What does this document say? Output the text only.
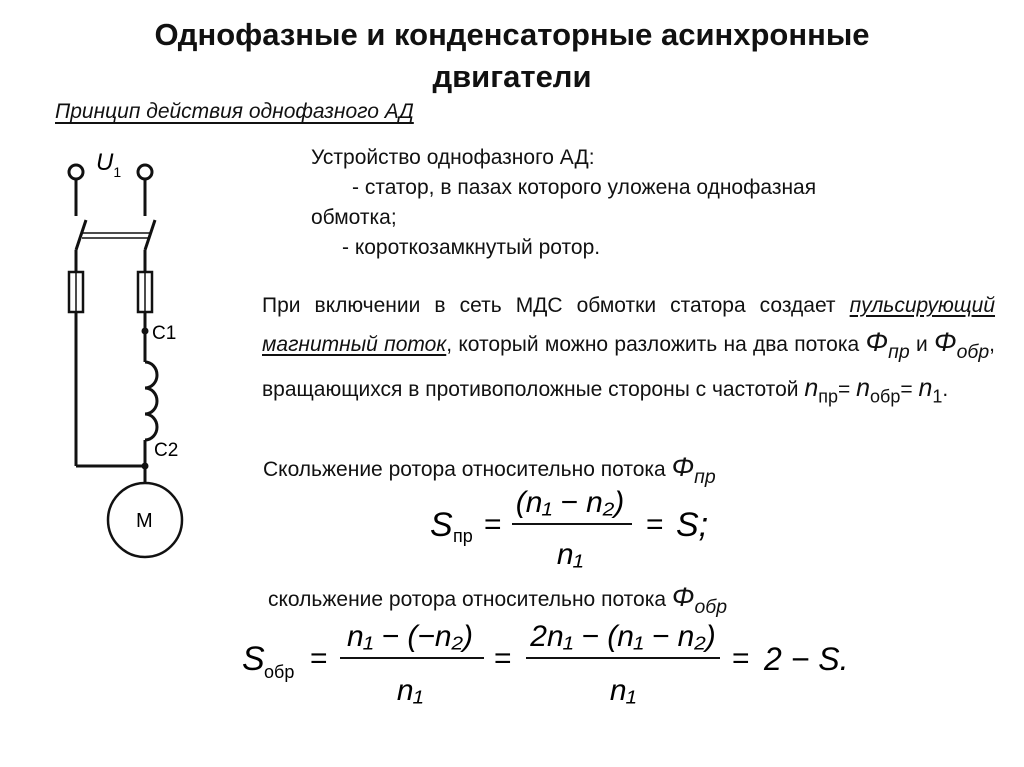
Однофазные и конденсаторные асинхронные
двигатели
Принцип действия однофазного АД
$U_1$
C1
C2
M
Устройство однофазного АД:
- статор, в пазах которого уложена однофазная
обмотка;
- короткозамкнутый ротор.
При включении в сеть МДС обмотки статора создает пульсирующий магнитный поток, который можно разложить на два потока $\Phi_{пр}$ и $\Phi_{обр}$, вращающихся в противоположные стороны с частотой $n_{пр}= n_{обр}= n_1$.
Скольжение ротора относительно потока $\Phi_{пр}$
S пр =
(n₁ − n₂)
n₁
= S;
скольжение ротора относительно потока $\Phi_{обр}$
S обр =
n₁ − (−n₂)
n₁
=
2n₁ − (n₁ − n₂)
n₁
= 2 − S.
